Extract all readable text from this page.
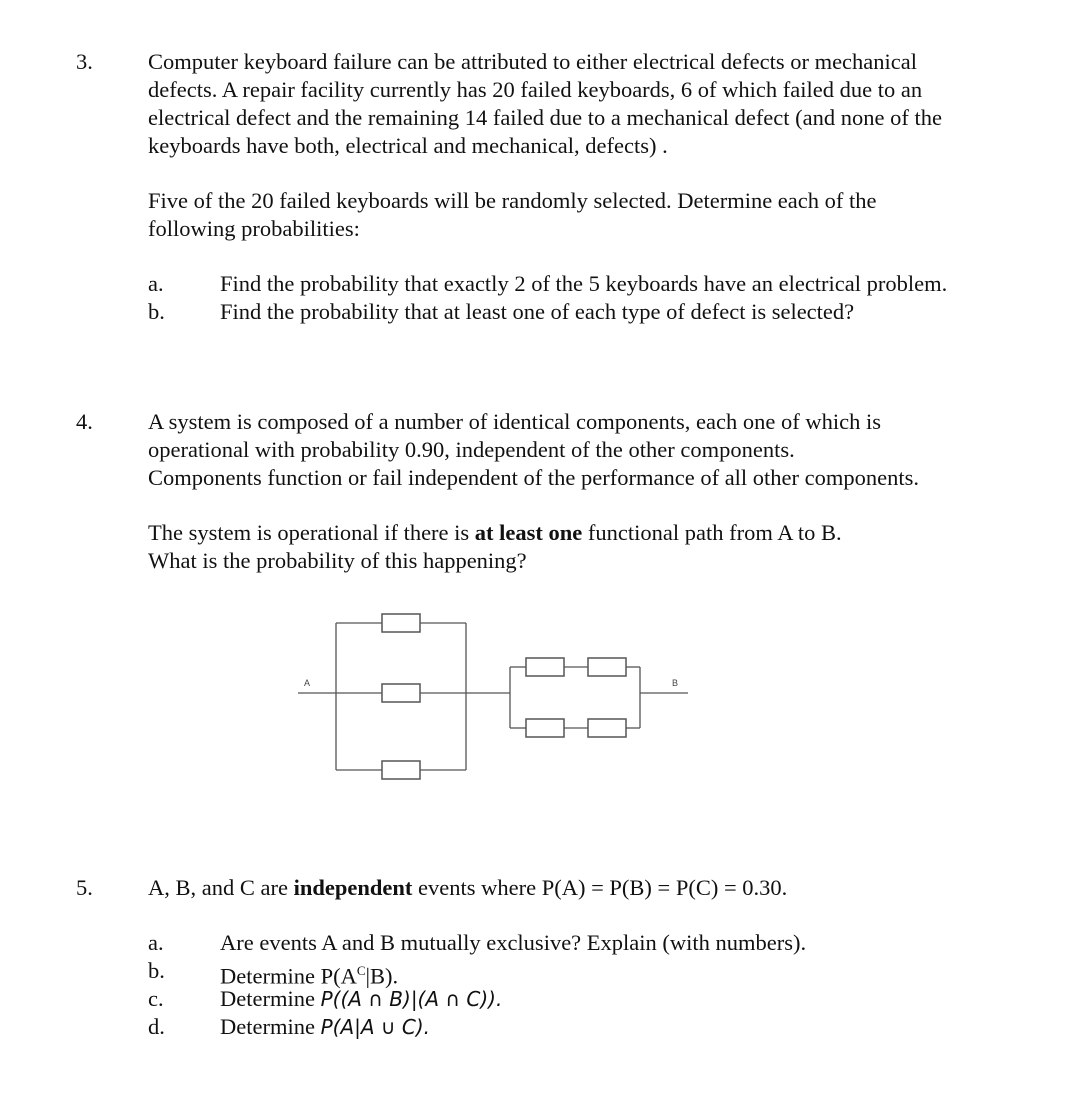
3. Computer keyboard failure can be attributed to either electrical defects or mechanical
defects. A repair facility currently has 20 failed keyboards, 6 of which failed due to an
electrical defect and the remaining 14 failed due to a mechanical defect (and none of the
keyboards have both, electrical and mechanical, defects) .
Five of the 20 failed keyboards will be randomly selected. Determine each of the
following probabilities:
a.	Find the probability that exactly 2 of the 5 keyboards have an electrical problem.
b. Find the probability that at least one of each type of defect is selected?
4. A system is composed of a number of identical components, each one of which is
operational with probability 0.90, independent of the other components.
Components function or fail independent of the performance of all other components.
The system is operational if there is at least one functional path from A to B.
What is the probability of this happening?
A	B
5. A, B, and C are independent events where P(A) = P(B) = P(C) = 0.30.
a.	Are events A and B mutually exclusive? Explain (with numbers).
b. Determine $P(A^C|B)$.
c.	Determine P((A ∩ B)|(A ∩ C)).
d. Determine P(A|A ∪ C).
